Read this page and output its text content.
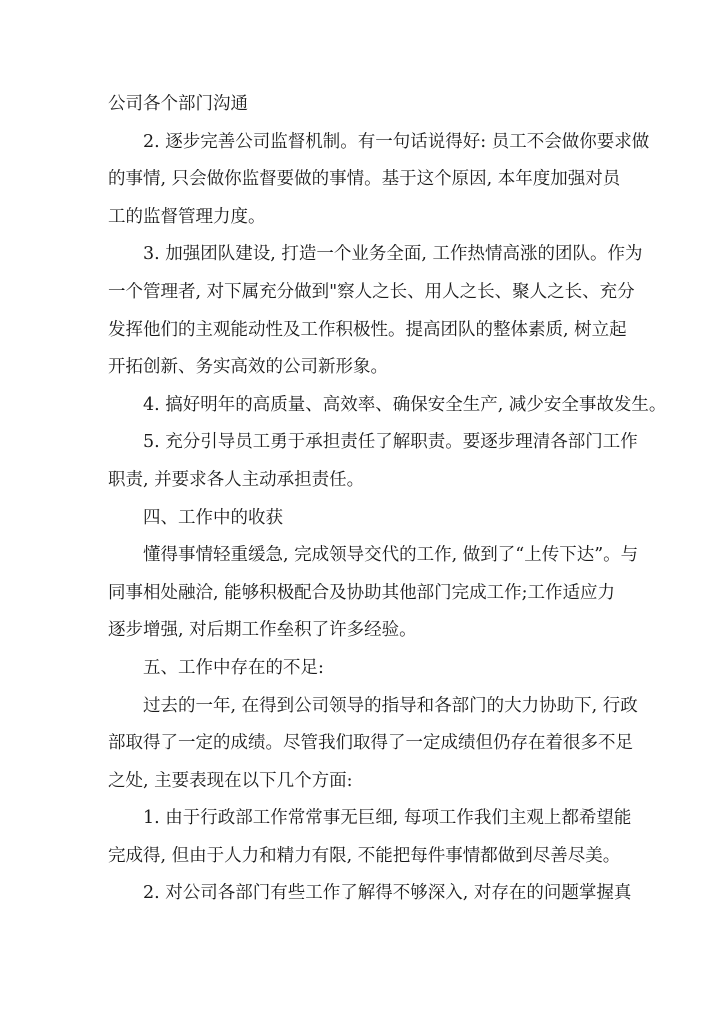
公司各个部门沟通
2. 逐步完善公司监督机制。有一句话说得好: 员工不会做你要求做
的事情, 只会做你监督要做的事情。基于这个原因, 本年度加强对员
工的监督管理力度。
3. 加强团队建设, 打造一个业务全面, 工作热情高涨的团队。作为
一个管理者, 对下属充分做到"察人之长、用人之长、聚人之长、充分
发挥他们的主观能动性及工作积极性。提高团队的整体素质, 树立起
开拓创新、务实高效的公司新形象。
4. 搞好明年的高质量、高效率、确保安全生产, 减少安全事故发生。
5. 充分引导员工勇于承担责任了解职责。要逐步理清各部门工作
职责, 并要求各人主动承担责任。
四、工作中的收获
懂得事情轻重缓急, 完成领导交代的工作, 做到了“上传下达”。与
同事相处融洽, 能够积极配合及协助其他部门完成工作;工作适应力
逐步增强, 对后期工作垒积了许多经验。
五、工作中存在的不足:
过去的一年, 在得到公司领导的指导和各部门的大力协助下, 行政
部取得了一定的成绩。尽管我们取得了一定成绩但仍存在着很多不足
之处, 主要表现在以下几个方面:
1. 由于行政部工作常常事无巨细, 每项工作我们主观上都希望能
完成得, 但由于人力和精力有限, 不能把每件事情都做到尽善尽美。
2. 对公司各部门有些工作了解得不够深入, 对存在的问题掌握真
